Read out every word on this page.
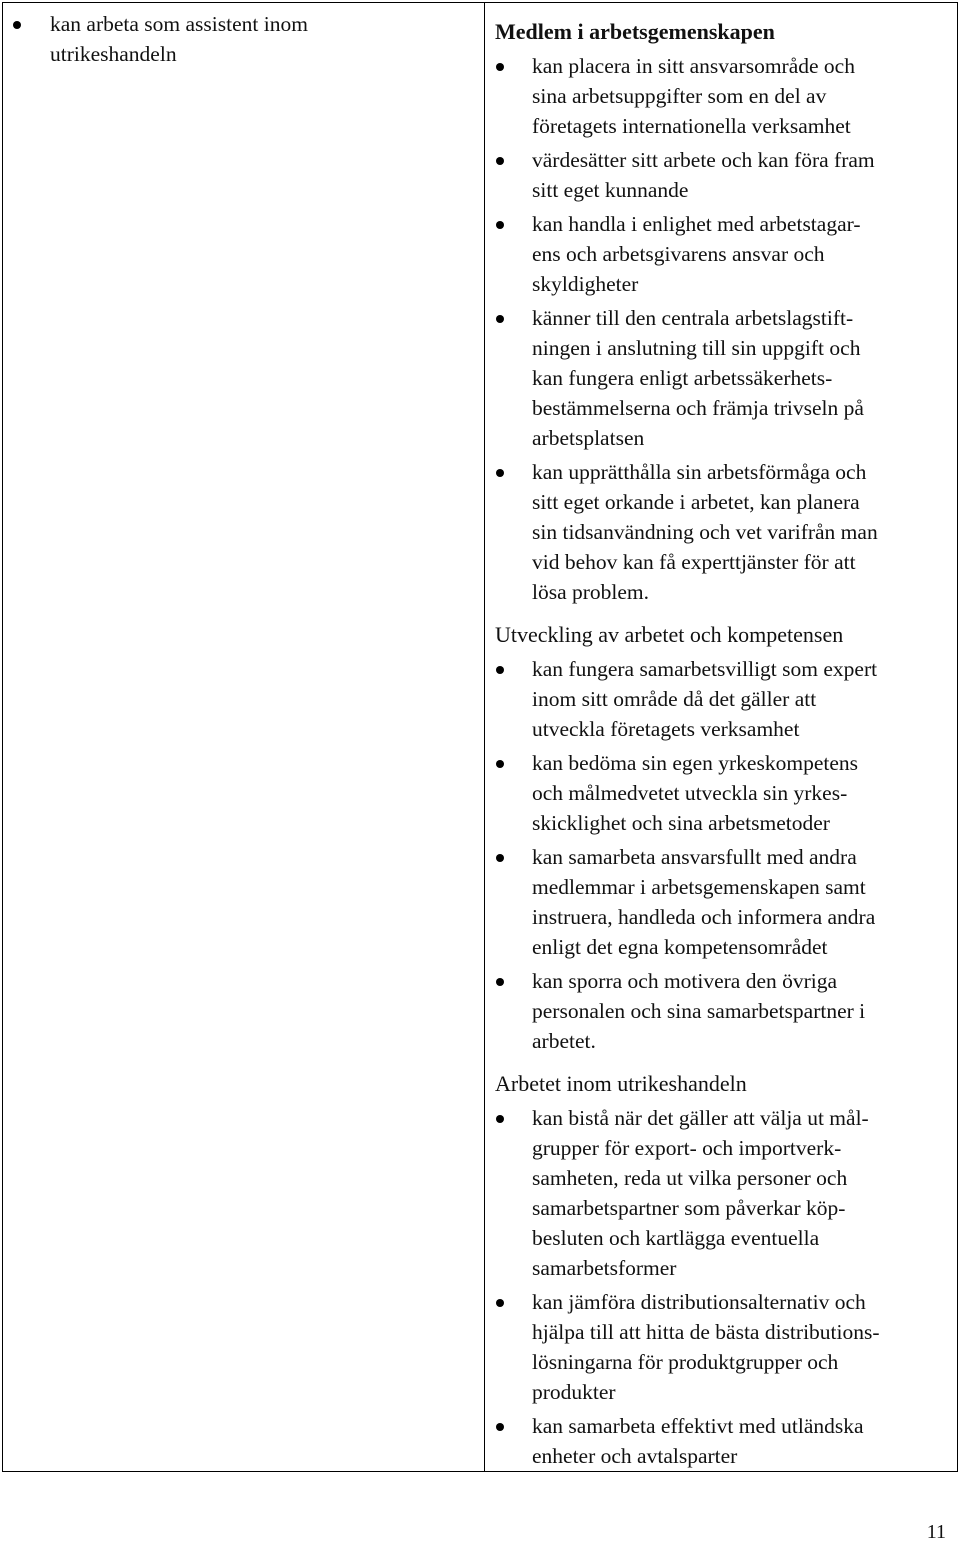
kan arbeta som assistent inom
utrikeshandeln
Medlem i arbetsgemenskapen
kan placera in sitt ansvarsområde och
sina arbetsuppgifter som en del av
företagets internationella verksamhet
värdesätter sitt arbete och kan föra fram
sitt eget kunnande
kan handla i enlighet med arbetstagar-
ens och arbetsgivarens ansvar och
skyldigheter
känner till den centrala arbetslagstift-
ningen i anslutning till sin uppgift och
kan fungera enligt arbetssäkerhets-
bestämmelserna och främja trivseln på
arbetsplatsen
kan upprätthålla sin arbetsförmåga och
sitt eget orkande i arbetet, kan planera
sin tidsanvändning och vet varifrån man
vid behov kan få experttjänster för att
lösa problem.
Utveckling av arbetet och kompetensen
kan fungera samarbetsvilligt som expert
inom sitt område då det gäller att
utveckla företagets verksamhet
kan bedöma sin egen yrkeskompetens
och målmedvetet utveckla sin yrkes-
skicklighet och sina arbetsmetoder
kan samarbeta ansvarsfullt med andra
medlemmar i arbetsgemenskapen samt
instruera, handleda och informera andra
enligt det egna kompetensområdet
kan sporra och motivera den övriga
personalen och sina samarbetspartner i
arbetet.
Arbetet inom utrikeshandeln
kan bistå när det gäller att välja ut mål-
grupper för export- och importverk-
samheten, reda ut vilka personer och
samarbetspartner som påverkar köp-
besluten och kartlägga eventuella
samarbetsformer
kan jämföra distributionsalternativ och
hjälpa till att hitta de bästa distributions-
lösningarna för produktgrupper och
produkter
kan samarbeta effektivt med utländska
enheter och avtalsparter
11
